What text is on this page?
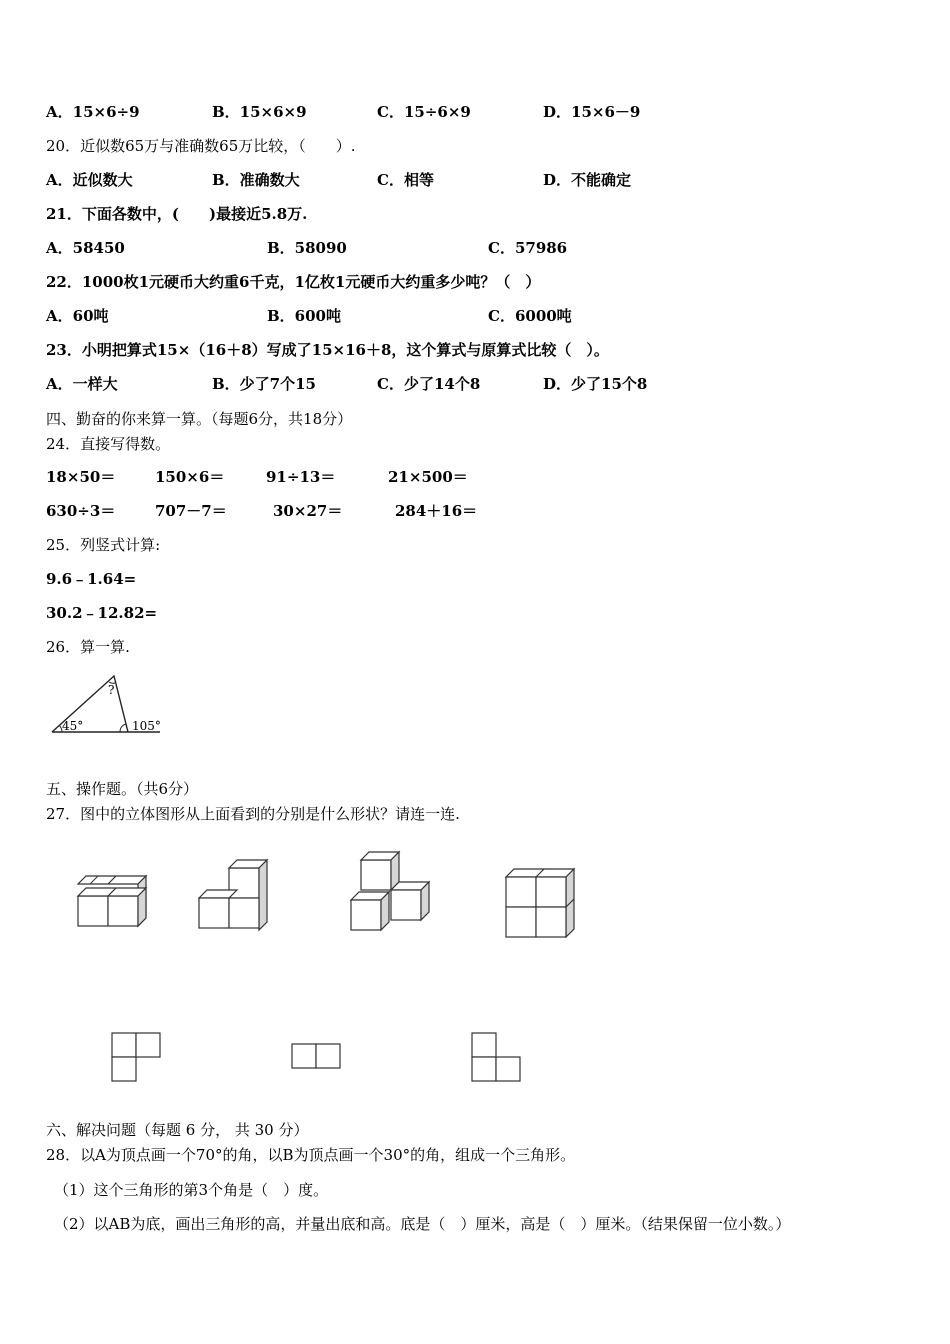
A．15×6÷9	B．15×6×9	C．15÷6×9	D．15×6－9
20．近似数65万与准确数65万比较，（　　）.
A．近似数大	B．准确数大	C．相等	D．不能确定
21．下面各数中，(　　)最接近5.8万.
A．58450	B．58090	C．57986
22．1000枚1元硬币大约重6千克，1亿枚1元硬币大约重多少吨？（　）
A．60吨	B．600吨	C．6000吨
23．小明把算式15×（16＋8）写成了15×16＋8，这个算式与原算式比较（　）。
A．一样大	B．少了7个15	C．少了14个8	D．少了15个8
四、勤奋的你来算一算。（每题6分，共18分）
24．直接写得数。
18×50＝	150×6＝	91÷13＝	21×500＝
630÷3＝	707－7＝	30×27＝	284＋16＝
25．列竖式计算:
9.6﹣1.64=
30.2﹣12.82=
26．算一算.
45°	105°
?
五、操作题。（共6分）
27．图中的立体图形从上面看到的分别是什么形状？请连一连.
六、解决问题（每题 6 分， 共 30 分）
28．以A为顶点画一个70°的角，以B为顶点画一个30°的角，组成一个三角形。
（1）这个三角形的第3个角是（　）度。
（2）以AB为底，画出三角形的高，并量出底和高。底是（　）厘米，高是（　）厘米。（结果保留一位小数。）
